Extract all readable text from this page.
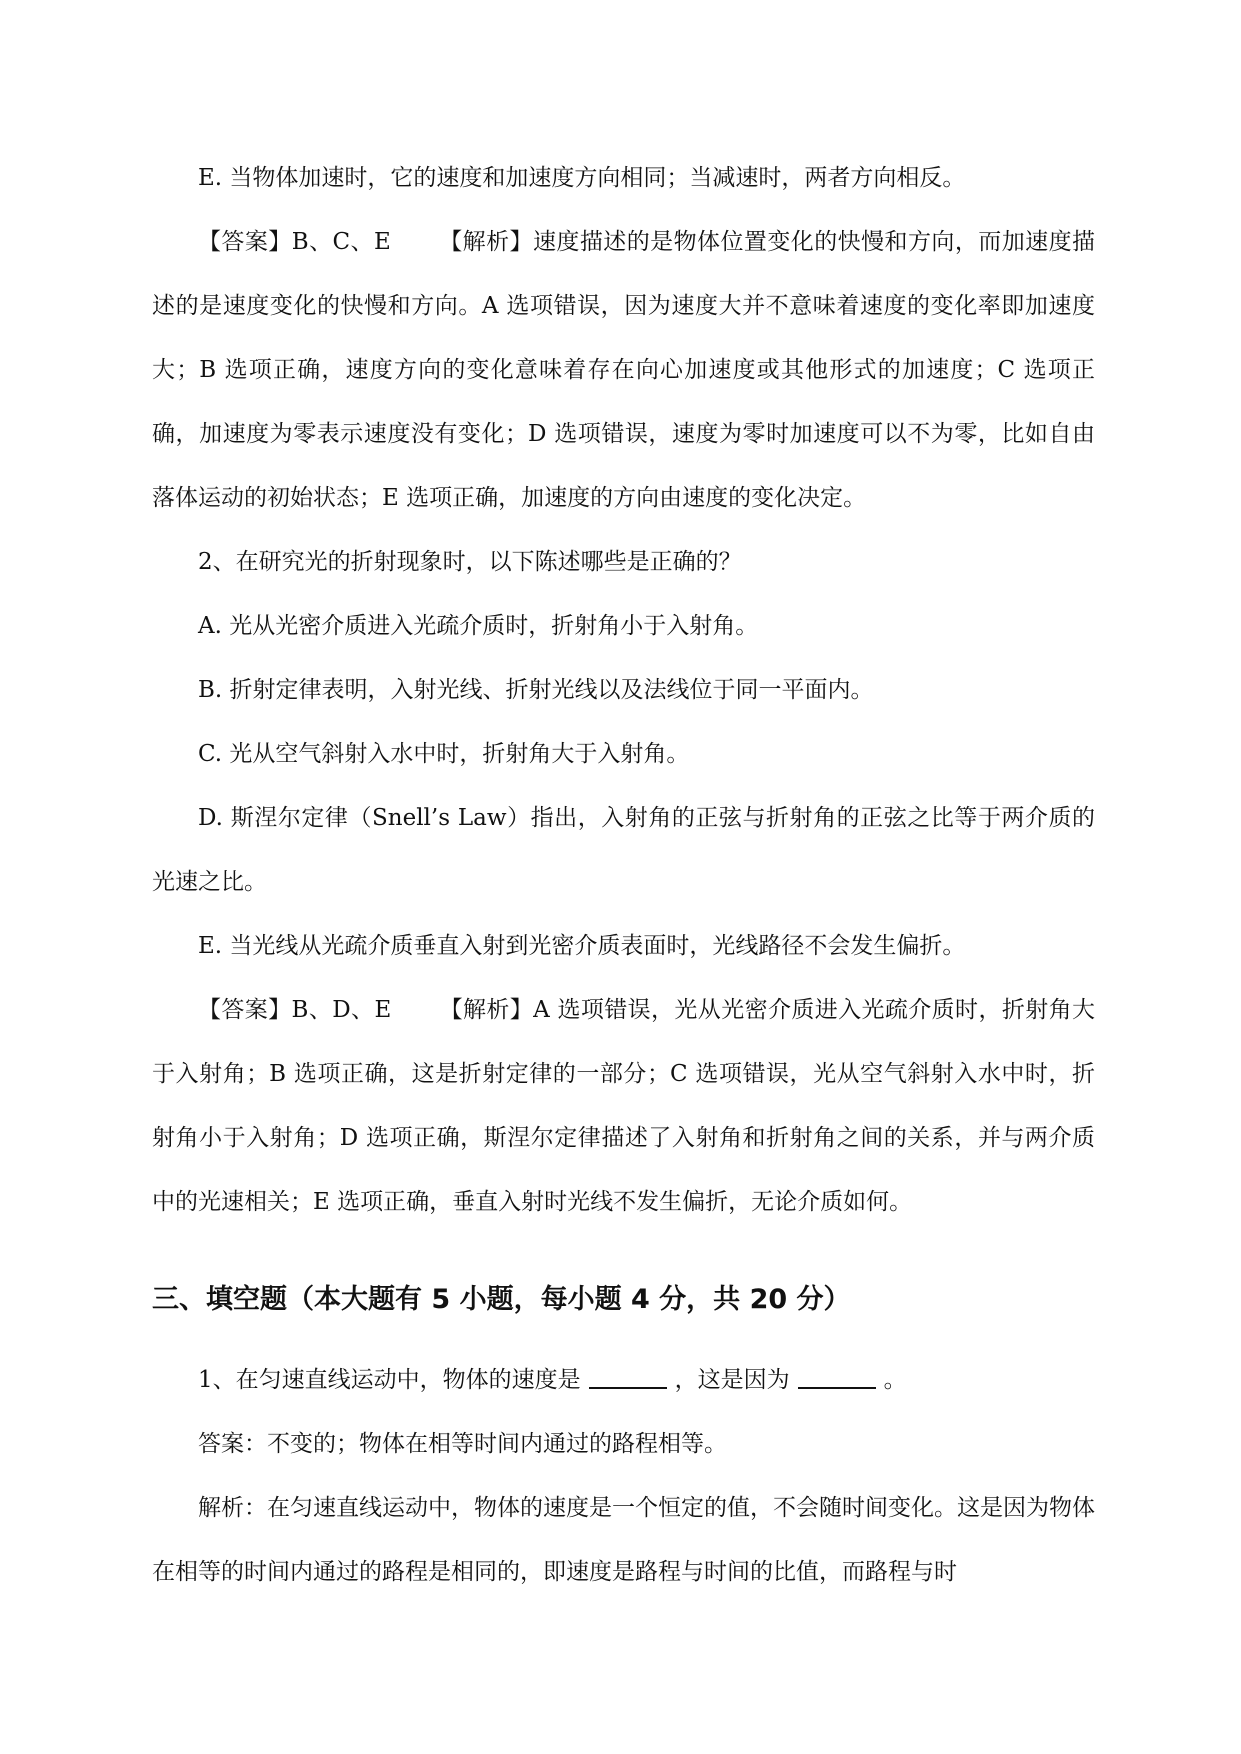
E. 当物体加速时，它的速度和加速度方向相同；当减速时，两者方向相反。

【答案】B、C、E 【解析】速度描述的是物体位置变化的快慢和方向，而加速度描述的是速度变化的快慢和方向。A 选项错误，因为速度大并不意味着速度的变化率即加速度大；B 选项正确，速度方向的变化意味着存在向心加速度或其他形式的加速度；C 选项正确，加速度为零表示速度没有变化；D 选项错误，速度为零时加速度可以不为零，比如自由落体运动的初始状态；E 选项正确，加速度的方向由速度的变化决定。

2、在研究光的折射现象时，以下陈述哪些是正确的？

A. 光从光密介质进入光疏介质时，折射角小于入射角。

B. 折射定律表明，入射光线、折射光线以及法线位于同一平面内。

C. 光从空气斜射入水中时，折射角大于入射角。

D. 斯涅尔定律（Snell’s Law）指出，入射角的正弦与折射角的正弦之比等于两介质的光速之比。

E. 当光线从光疏介质垂直入射到光密介质表面时，光线路径不会发生偏折。

【答案】B、D、E 【解析】A 选项错误，光从光密介质进入光疏介质时，折射角大于入射角；B 选项正确，这是折射定律的一部分；C 选项错误，光从空气斜射入水中时，折射角小于入射角；D 选项正确，斯涅尔定律描述了入射角和折射角之间的关系，并与两介质中的光速相关；E 选项正确，垂直入射时光线不发生偏折，无论介质如何。

三、填空题（本大题有 5 小题，每小题 4 分，共 20 分）

1、在匀速直线运动中，物体的速度是	，这是因为	。

答案：不变的；物体在相等时间内通过的路程相等。

解析：在匀速直线运动中，物体的速度是一个恒定的值，不会随时间变化。这是因为物体在相等的时间内通过的路程是相同的，即速度是路程与时间的比值，而路程与时
